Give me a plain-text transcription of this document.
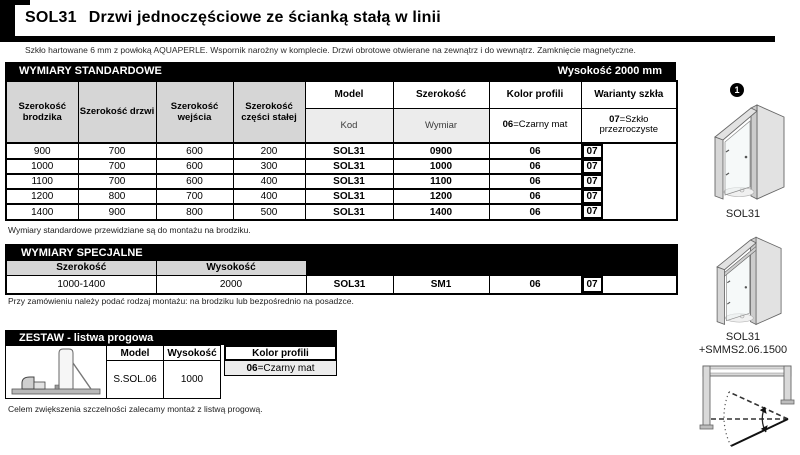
SOL31 Drzwi jednoczęściowe ze ścianką stałą w linii
Szkło hartowane 6 mm z powłoką AQUAPERLE. Wspornik narożny w komplecie. Drzwi obrotowe otwierane na zewnątrz i do wewnątrz. Zamknięcie magnetyczne.
WYMIARY STANDARDOWE	Wysokość 2000 mm
Szerokość brodzika	Szerokość drzwi	Szerokość wejścia	Szerokość części stałej	Model	Szerokość	Kolor profili	Warianty szkła
				Kod	Wymiar	06=Czarny mat	07=Szkło
przezroczyste
900	700	600	200	SOL31	0900	06	07

1000	700	600	300	SOL31	1000	06	07

1100	700	600	400	SOL31	1100	06	07

1200	800	700	400	SOL31	1200	06	07

1400	900	800	500	SOL31	1400	06	07
Wymiary standardowe przewidziane są do montażu na brodziku.
WYMIARY SPECJALNE					
Szerokość	Wysokość				
1000-1400	2000	SOL31	SM1	06	07
Przy zamówieniu należy podać rodzaj montażu: na brodziku lub bezpośrednio na posadzce.
ZESTAW - listwa progowa
Model	Wysokość
S.SOL.06	1000
Kolor profili
06 =Czarny mat
Celem zwiększenia szczelności zalecamy montaż z listwą progową.
1
SOL31
SOL31
+SMMS2.06.1500
